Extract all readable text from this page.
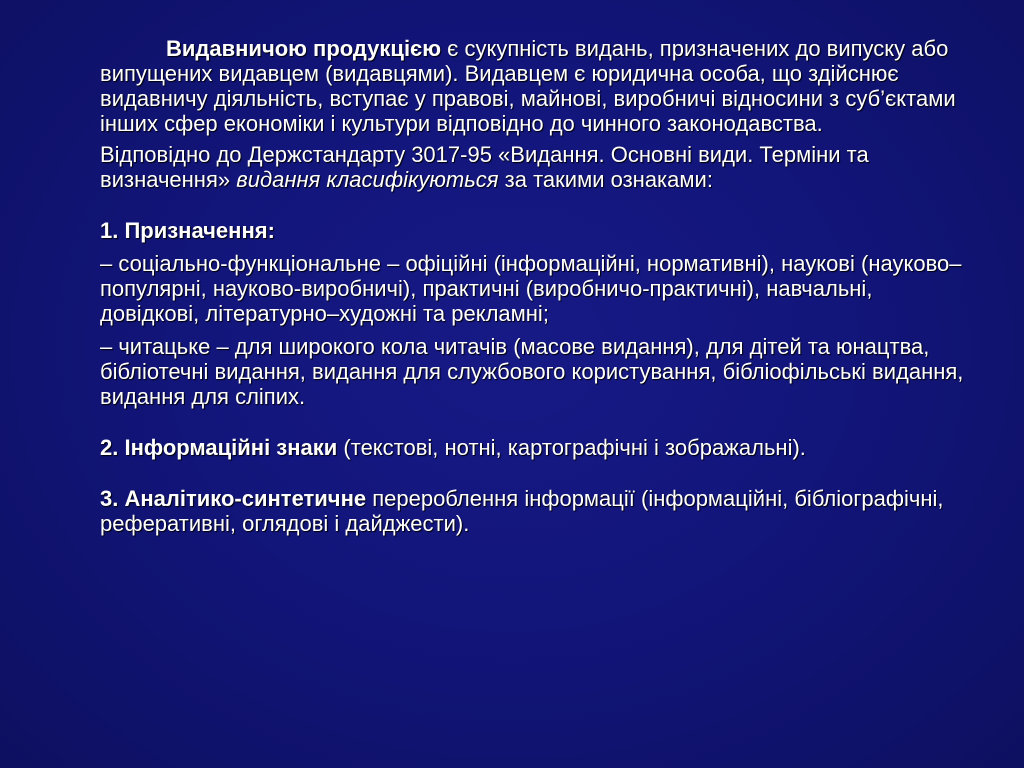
Видавничою продукцією є сукупність видань, призначених до випуску або випущених видавцем (видавцями). Видавцем є юридична особа, що здійснює видавничу діяльність, вступає у правові, майнові, виробничі відносини з суб’єктами інших сфер економіки і культури відповідно до чинного законодавства.

Відповідно до Держстандарту 3017-95 «Видання. Основні види. Терміни та визначення» видання класифікуються за такими ознаками:

1. Призначення:

– соціально-функціональне – офіційні (інформаційні, нормативні), наукові (науково–популярні, науково-виробничі), практичні (виробничо-практичні), навчальні, довідкові, літературно–художні та рекламні;

– читацьке – для широкого кола читачів (масове видання), для дітей та юнацтва, бібліотечні видання, видання для службового користування, бібліофільські видання, видання для сліпих.

2. Інформаційні знаки (текстові, нотні, картографічні і зображальні).

3. Аналітико-синтетичне перероблення інформації (інформаційні, бібліографічні, реферативні, оглядові і дайджести).
